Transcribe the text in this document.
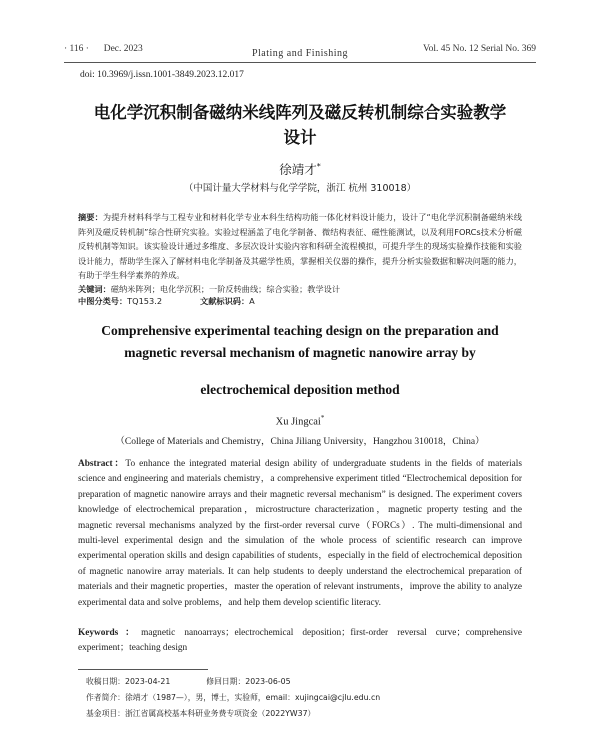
· 116 · Dec. 2023	Plating and Finishing	Vol. 45 No. 12 Serial No. 369
doi: 10.3969/j.issn.1001-3849.2023.12.017
电化学沉积制备磁纳米线阵列及磁反转机制综合实验教学设计
徐靖才*
（中国计量大学材料与化学学院，浙江 杭州 310018）
摘要：为提升材料科学与工程专业和材料化学专业本科生结构功能一体化材料设计能力，设计了“电化学沉积制备磁纳米线阵列及磁反转机制”综合性研究实验。实验过程涵盖了电化学制备、微结构表征、磁性能测试，以及利用FORCs技术分析磁反转机制等知识。该实验设计通过多维度、多层次设计实验内容和科研全流程模拟，可提升学生的现场实验操作技能和实验设计能力，帮助学生深入了解材料电化学制备及其磁学性质，掌握相关仪器的操作，提升分析实验数据和解决问题的能力，有助于学生科学素养的养成。
关键词：磁纳米阵列；电化学沉积；一阶反转曲线；综合实验；教学设计
中图分类号：TQ153.2	文献标识码：A
Comprehensive experimental teaching design on the preparation and
magnetic reversal mechanism of magnetic nanowire array by
electrochemical deposition method
Xu Jingcai*
（College of Materials and Chemistry，China Jiliang University，Hangzhou 310018，China）
Abstract：To enhance the integrated material design ability of undergraduate students in the fields of materials science and engineering and materials chemistry，a comprehensive experiment titled “Electrochemical deposition for preparation of magnetic nanowire arrays and their magnetic reversal mechanism” is designed. The experiment covers knowledge of electrochemical preparation，microstructure characterization，magnetic property testing and the magnetic reversal mechanisms analyzed by the first-order reversal curve（FORCs）. The multi-dimensional and multi-level experimental design and the simulation of the whole process of scientific research can improve experimental operation skills and design capabilities of students，especially in the field of electrochemical deposition of magnetic nanowire array materials. It can help students to deeply understand the electrochemical preparation of materials and their magnetic properties，master the operation of relevant instruments，improve the ability to analyze experimental data and solve problems，and help them develop scientific literacy.
Keywords：magnetic nanoarrays；electrochemical deposition；first-order reversal curve；comprehensive experiment；teaching design
收稿日期：2023-04-21	修回日期：2023-06-05
作者简介：徐靖才（1987—），男，博士，实验师，email：xujingcai@cjlu.edu.cn
基金项目：浙江省属高校基本科研业务费专项资金（2022YW37）
